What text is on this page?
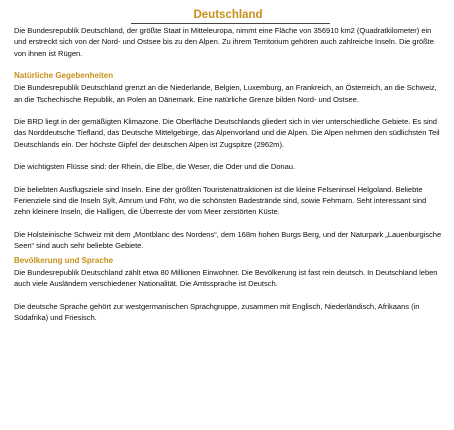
Deutschland

Die Bundesrepublik Deutschland, der größte Staat in Mitteleuropa, nimmt eine Fläche von 356910 km2 (Quadratkilometer) ein und erstreckt sich von der Nord- und Ostsee bis zu den Alpen. Zu ihrem Territorium gehören auch zahlreiche Inseln. Die größte von ihnen ist Rügen.

Natürliche Gegebenheiten

Die Bundesrepublik Deutschland grenzt an die Niederlande, Belgien, Luxemburg, an Frankreich, an Österreich, an die Schweiz, an die Tschechische Republik, an Polen an Dänemark. Eine natürliche Grenze bilden Nord- und Ostsee.

Die BRD liegt in der gemäßigten Klimazone. Die Oberfläche Deutschlands gliedert sich in vier unterschiedliche Gebiete. Es sind das Norddeutsche Tiefland, das Deutsche Mittelgebirge, das Alpenvorland und die Alpen. Die Alpen nehmen den südlichsten Teil Deutschlands ein. Der höchste Gipfel der deutschen Alpen ist Zugspitze (2962m).

Die wichtigsten Flüsse sind: der Rhein, die Elbe, die Weser, die Oder und die Donau.

Die beliebten Ausflugsziele sind Inseln. Eine der größten Touristenattraktionen ist die kleine Felseninsel Helgoland. Beliebte Ferienziele sind die Inseln Sylt, Amrum und Föhr, wo die schönsten Badestrände sind, sowie Fehmarn. Seht interessant sind zehn kleinere Inseln, die Halligen, die Überreste der vom Meer zerstörten Küste.

Die Holsteinische Schweiz mit dem „Montblanc des Nordens“, dem 168m hohen Burgs Berg, und der Naturpark „Lauenburgische Seen“ sind auch sehr beliebte Gebiete.

Bevölkerung und Sprache

Die Bundesrepublik Deutschland zählt etwa 80 Millionen Einwohner. Die Bevölkerung ist fast rein deutsch. In Deutschland leben auch viele Ausländern verschiedener Nationalität. Die Amtssprache ist Deutsch.

Die deutsche Sprache gehört zur westgermanischen Sprachgruppe, zusammen mit Englisch, Niederländisch, Afrikaans (in Südafrika) und Friesisch.
